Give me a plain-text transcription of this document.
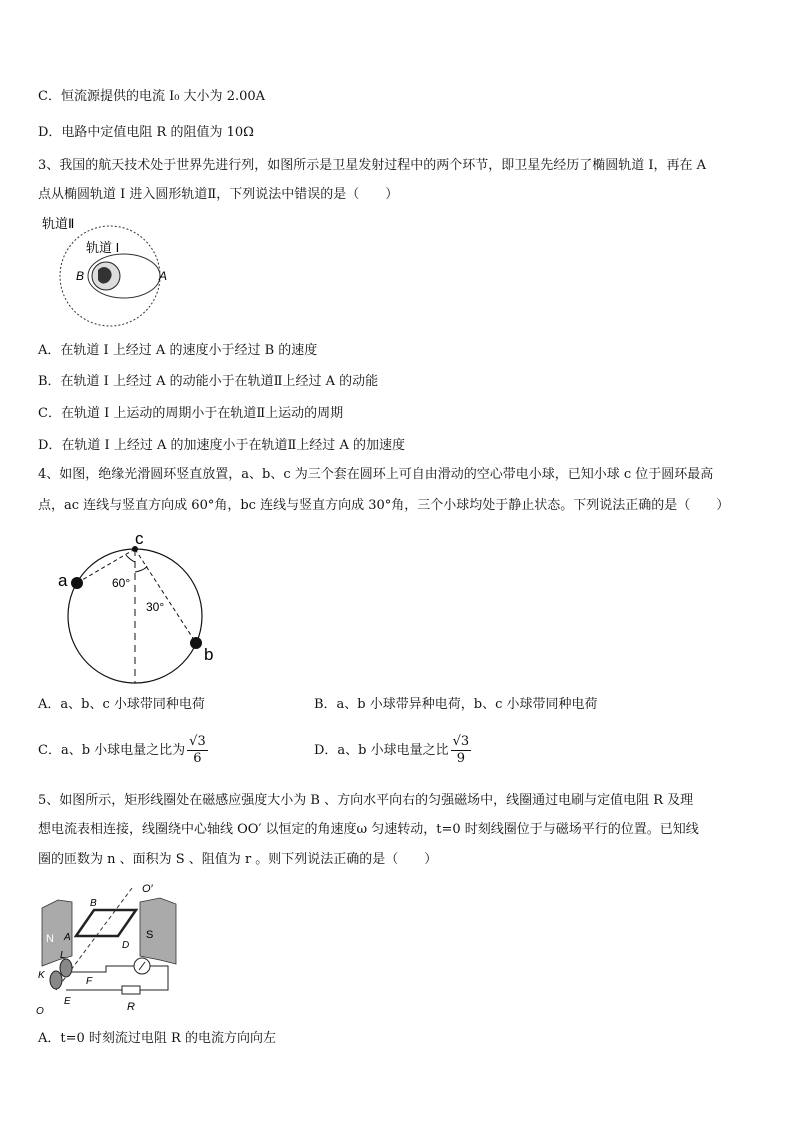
C．恒流源提供的电流 I₀ 大小为 2.00A
D．电路中定值电阻 R 的阻值为 10Ω
3、我国的航天技术处于世界先进行列，如图所示是卫星发射过程中的两个环节，即卫星先经历了椭圆轨道 I，再在 A
点从椭圆轨道 I 进入圆形轨道Ⅱ，下列说法中错误的是（　　）
轨道Ⅱ
轨道 I
B	A
A．在轨道 I 上经过 A 的速度小于经过 B 的速度
B．在轨道 I 上经过 A 的动能小于在轨道Ⅱ上经过 A 的动能
C．在轨道 I 上运动的周期小于在轨道Ⅱ上运动的周期
D．在轨道 I 上经过 A 的加速度小于在轨道Ⅱ上经过 A 的加速度
4、如图，绝缘光滑圆环竖直放置，a、b、c 为三个套在圆环上可自由滑动的空心带电小球，已知小球 c 位于圆环最高
点，ac 连线与竖直方向成 60°角，bc 连线与竖直方向成 30°角，三个小球均处于静止状态。下列说法正确的是（　　）
c
a
b
60°
30°
A．a、b、c 小球带同种电荷	B．a、b 小球带异种电荷，b、c 小球带同种电荷
C．a、b 小球电量之比为 $\frac{√3}{6}$	D．a、b 小球电量之比 $\frac{√3}{9}$
5、如图所示，矩形线圈处在磁感应强度大小为 B 、方向水平向右的匀强磁场中，线圈通过电刷与定值电阻 R 及理
想电流表相连接，线圈绕中心轴线 OO′ 以恒定的角速度ω 匀速转动，t=0 时刻线圈位于与磁场平行的位置。已知线
圈的匝数为 n 、面积为 S 、阻值为 r 。则下列说法正确的是（　　）
N	S
O′
B
A
D
L
K
F
E	R
O
A．t=0 时刻流过电阻 R 的电流方向向左
